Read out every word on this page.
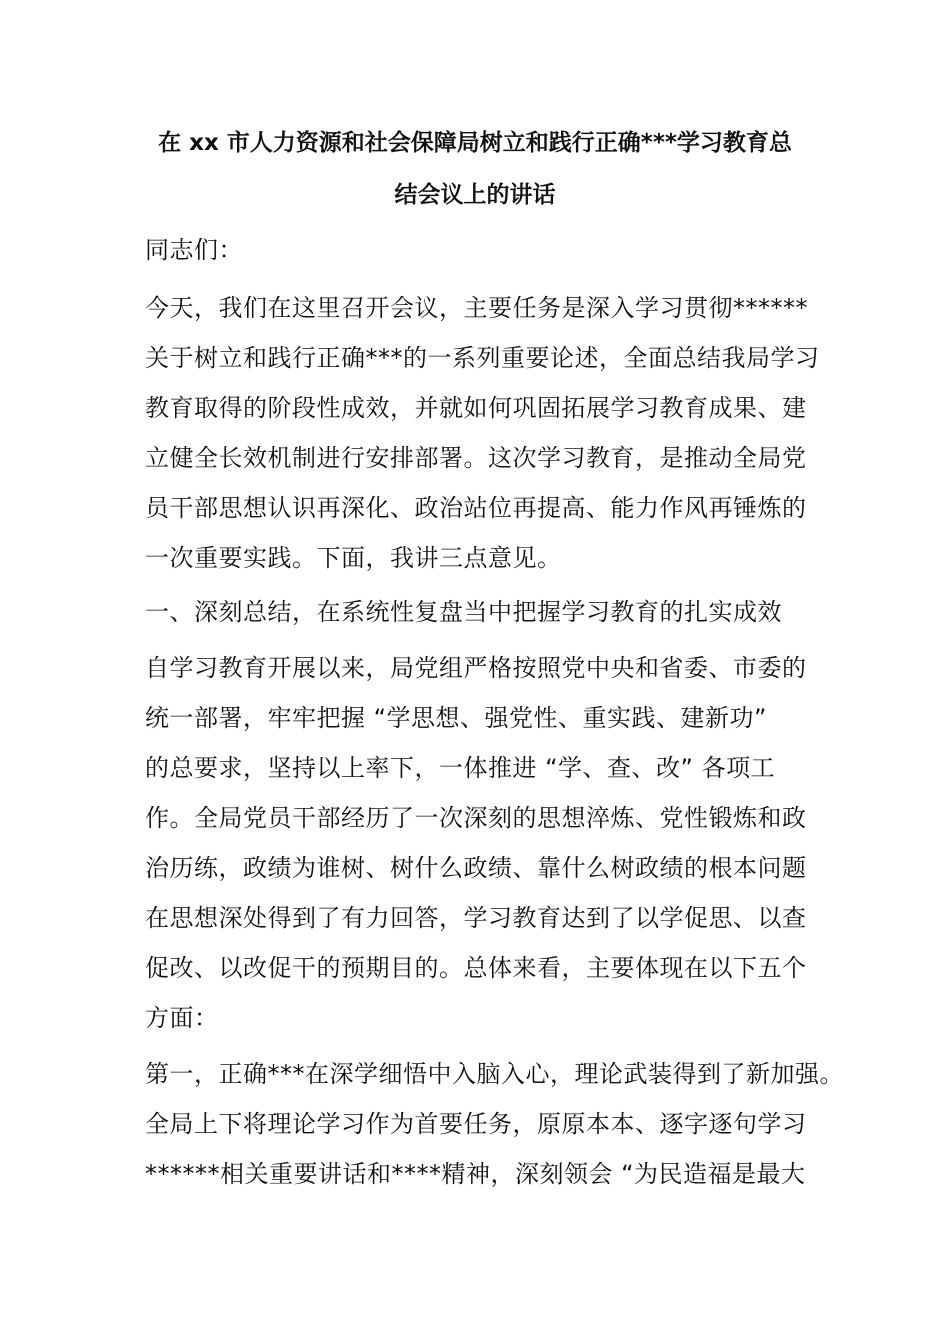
在 xx 市人力资源和社会保障局树立和践行正确***学习教育总
结会议上的讲话
同志们：
今天，我们在这里召开会议，主要任务是深入学习贯彻******
关于树立和践行正确***的一系列重要论述，全面总结我局学习
教育取得的阶段性成效，并就如何巩固拓展学习教育成果、建
立健全长效机制进行安排部署。这次学习教育，是推动全局党
员干部思想认识再深化、政治站位再提高、能力作风再锤炼的
一次重要实践。下面，我讲三点意见。
一、深刻总结，在系统性复盘当中把握学习教育的扎实成效
自学习教育开展以来，局党组严格按照党中央和省委、市委的
统一部署，牢牢把握 “学思想、强党性、重实践、建新功”
的总要求，坚持以上率下，一体推进 “学、查、改” 各项工
作。全局党员干部经历了一次深刻的思想淬炼、党性锻炼和政
治历练，政绩为谁树、树什么政绩、靠什么树政绩的根本问题
在思想深处得到了有力回答，学习教育达到了以学促思、以查
促改、以改促干的预期目的。总体来看，主要体现在以下五个
方面：
第一，正确***在深学细悟中入脑入心，理论武装得到了新加强。
全局上下将理论学习作为首要任务，原原本本、逐字逐句学习
******相关重要讲话和****精神，深刻领会 “为民造福是最大
